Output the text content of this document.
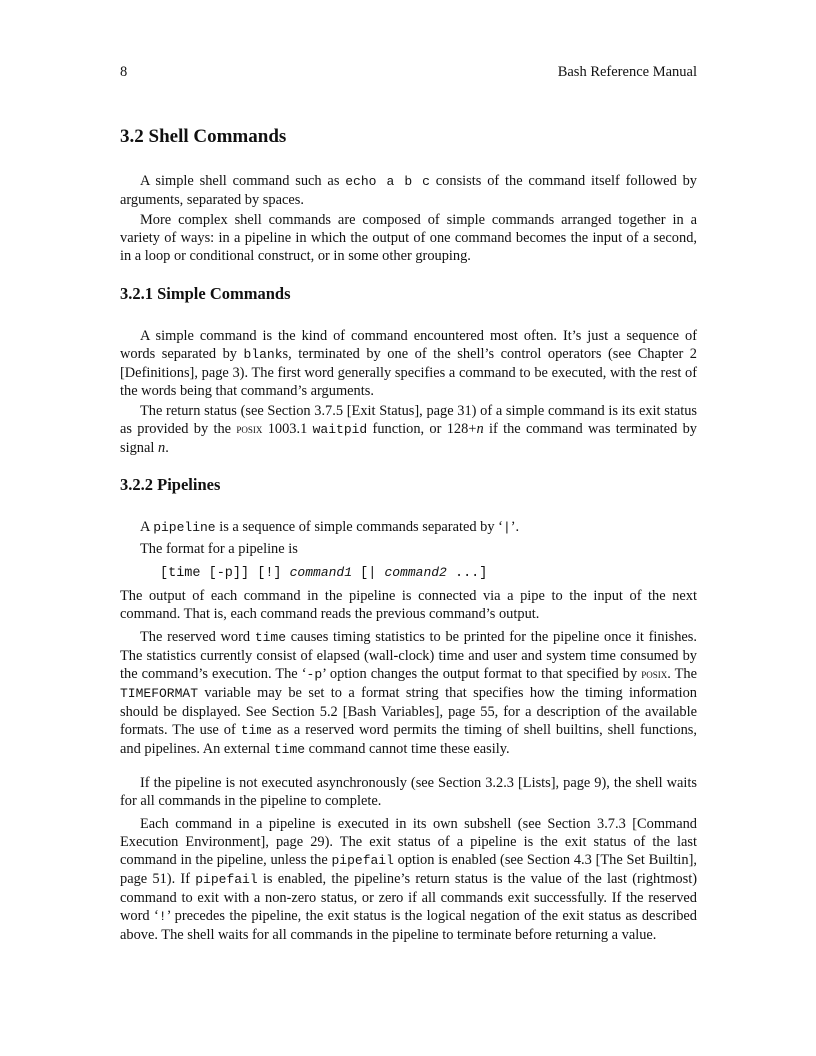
8	Bash Reference Manual
3.2 Shell Commands

A simple shell command such as echo a b c consists of the command itself followed by arguments, separated by spaces.

More complex shell commands are composed of simple commands arranged together in a variety of ways: in a pipeline in which the output of one command becomes the input of a second, in a loop or conditional construct, or in some other grouping.

3.2.1 Simple Commands

A simple command is the kind of command encountered most often. It’s just a sequence of words separated by blanks, terminated by one of the shell’s control operators (see Chapter 2 [Definitions], page 3). The first word generally specifies a command to be executed, with the rest of the words being that command’s arguments.

The return status (see Section 3.7.5 [Exit Status], page 31) of a simple command is its exit status as provided by the posix 1003.1 waitpid function, or 128+n if the command was terminated by signal n.

3.2.2 Pipelines

A pipeline is a sequence of simple commands separated by ‘|’.

The format for a pipeline is

[time [-p]] [!] command1 [| command2 ...]

The output of each command in the pipeline is connected via a pipe to the input of the next command. That is, each command reads the previous command’s output.

The reserved word time causes timing statistics to be printed for the pipeline once it finishes. The statistics currently consist of elapsed (wall-clock) time and user and system time consumed by the command’s execution. The ‘-p’ option changes the output format to that specified by posix. The TIMEFORMAT variable may be set to a format string that specifies how the timing information should be displayed. See Section 5.2 [Bash Variables], page 55, for a description of the available formats. The use of time as a reserved word permits the timing of shell builtins, shell functions, and pipelines. An external time command cannot time these easily.

If the pipeline is not executed asynchronously (see Section 3.2.3 [Lists], page 9), the shell waits for all commands in the pipeline to complete.

Each command in a pipeline is executed in its own subshell (see Section 3.7.3 [Command Execution Environment], page 29). The exit status of a pipeline is the exit status of the last command in the pipeline, unless the pipefail option is enabled (see Section 4.3 [The Set Builtin], page 51). If pipefail is enabled, the pipeline’s return status is the value of the last (rightmost) command to exit with a non-zero status, or zero if all commands exit successfully. If the reserved word ‘!’ precedes the pipeline, the exit status is the logical negation of the exit status as described above. The shell waits for all commands in the pipeline to terminate before returning a value.
